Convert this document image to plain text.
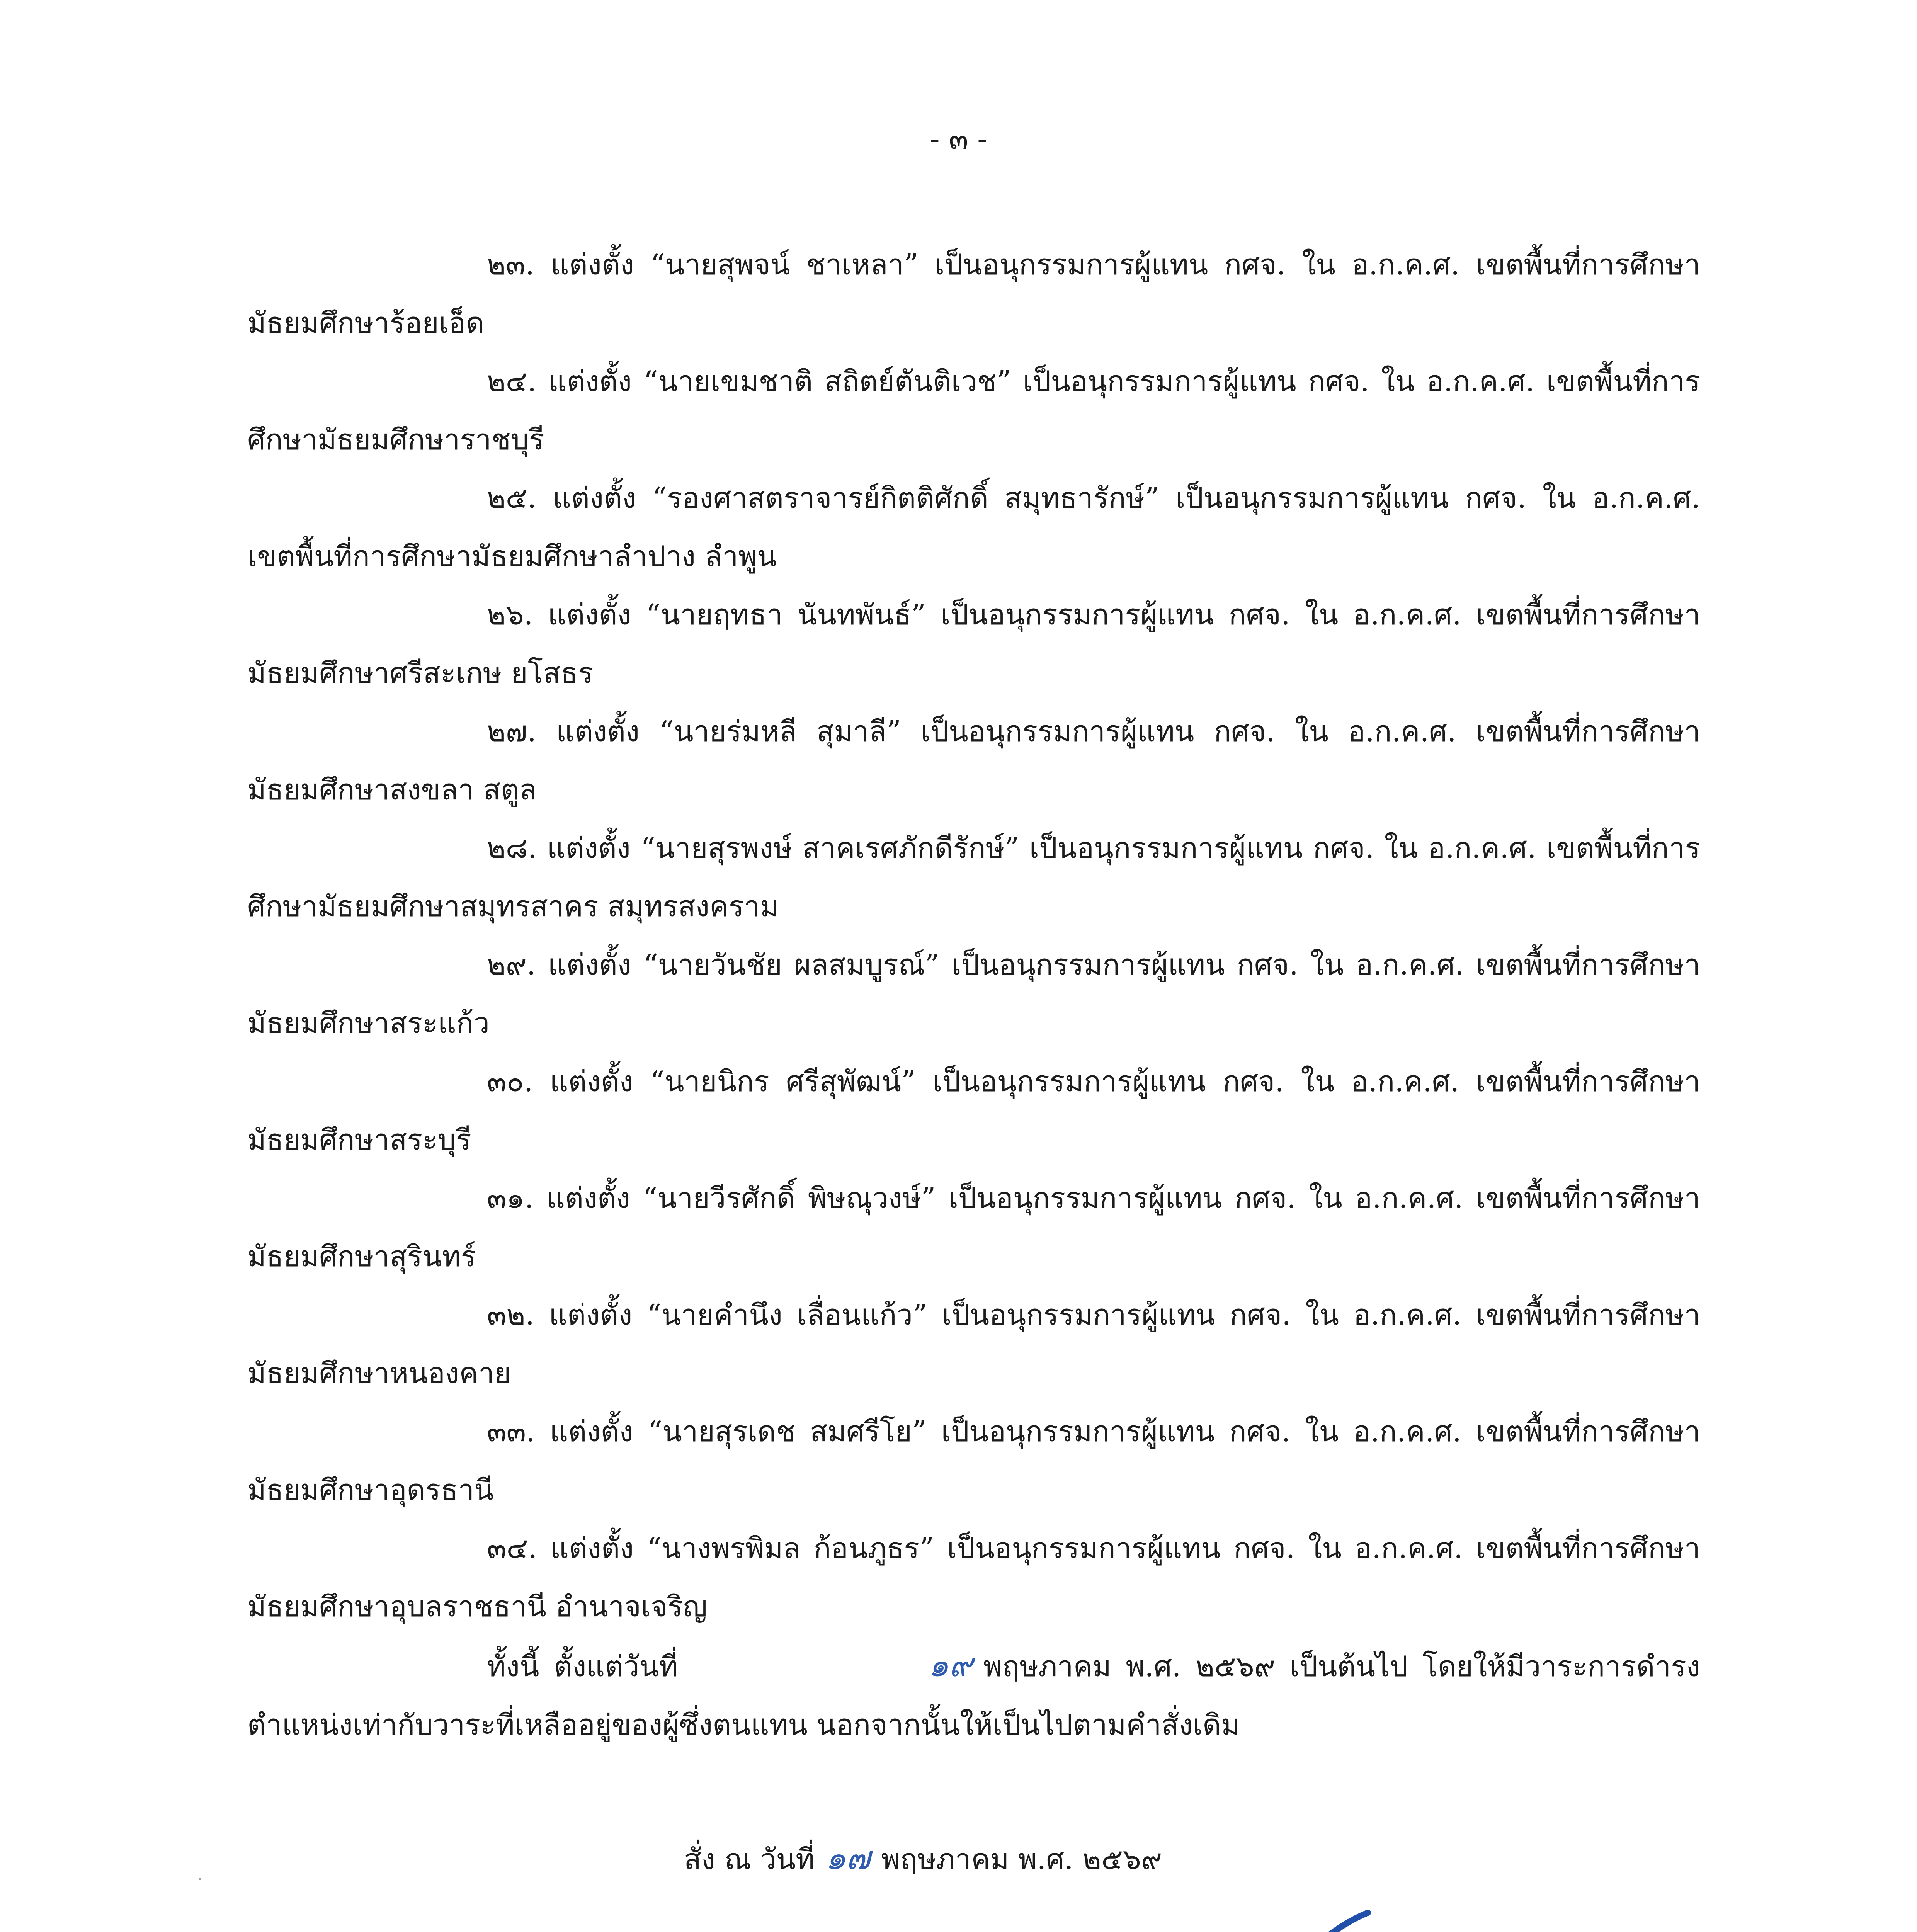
- ๓ -

๒๓. แต่งตั้ง “นายสุพจน์ ชาเหลา” เป็นอนุกรรมการผู้แทน กศจ. ใน อ.ก.ค.ศ. เขตพื้นที่การศึกษามัธยมศึกษาร้อยเอ็ด

๒๔. แต่งตั้ง “นายเขมชาติ สถิตย์ตันติเวช” เป็นอนุกรรมการผู้แทน กศจ. ใน อ.ก.ค.ศ. เขตพื้นที่การศึกษามัธยมศึกษาราชบุรี

๒๕. แต่งตั้ง “รองศาสตราจารย์กิตติศักดิ์ สมุทธารักษ์” เป็นอนุกรรมการผู้แทน กศจ. ใน อ.ก.ค.ศ. เขตพื้นที่การศึกษามัธยมศึกษาลำปาง ลำพูน

๒๖. แต่งตั้ง “นายฤทธา นันทพันธ์” เป็นอนุกรรมการผู้แทน กศจ. ใน อ.ก.ค.ศ. เขตพื้นที่การศึกษามัธยมศึกษาศรีสะเกษ ยโสธร

๒๗. แต่งตั้ง “นายร่มหลี สุมาลี” เป็นอนุกรรมการผู้แทน กศจ. ใน อ.ก.ค.ศ. เขตพื้นที่การศึกษามัธยมศึกษาสงขลา สตูล

๒๘. แต่งตั้ง “นายสุรพงษ์ สาคเรศภักดีรักษ์” เป็นอนุกรรมการผู้แทน กศจ. ใน อ.ก.ค.ศ. เขตพื้นที่การศึกษามัธยมศึกษาสมุทรสาคร สมุทรสงคราม

๒๙. แต่งตั้ง “นายวันชัย ผลสมบูรณ์” เป็นอนุกรรมการผู้แทน กศจ. ใน อ.ก.ค.ศ. เขตพื้นที่การศึกษามัธยมศึกษาสระแก้ว

๓๐. แต่งตั้ง “นายนิกร ศรีสุพัฒน์” เป็นอนุกรรมการผู้แทน กศจ. ใน อ.ก.ค.ศ. เขตพื้นที่การศึกษามัธยมศึกษาสระบุรี

๓๑. แต่งตั้ง “นายวีรศักดิ์ พิษณุวงษ์” เป็นอนุกรรมการผู้แทน กศจ. ใน อ.ก.ค.ศ. เขตพื้นที่การศึกษามัธยมศึกษาสุรินทร์

๓๒. แต่งตั้ง “นายคำนึง เลื่อนแก้ว” เป็นอนุกรรมการผู้แทน กศจ. ใน อ.ก.ค.ศ. เขตพื้นที่การศึกษามัธยมศึกษาหนองคาย

๓๓. แต่งตั้ง “นายสุรเดช สมศรีโย” เป็นอนุกรรมการผู้แทน กศจ. ใน อ.ก.ค.ศ. เขตพื้นที่การศึกษามัธยมศึกษาอุดรธานี

๓๔. แต่งตั้ง “นางพรพิมล ก้อนภูธร” เป็นอนุกรรมการผู้แทน กศจ. ใน อ.ก.ค.ศ. เขตพื้นที่การศึกษามัธยมศึกษาอุบลราชธานี อำนาจเจริญ

ทั้งนี้ ตั้งแต่วันที่	๑๙ พฤษภาคม พ.ศ. ๒๕๖๙ เป็นต้นไป โดยให้มีวาระการดำรงตำแหน่งเท่ากับวาระที่เหลืออยู่ของผู้ซึ่งตนแทน นอกจากนั้นให้เป็นไปตามคำสั่งเดิม

สั่ง ณ วันที่ ๑๗ พฤษภาคม พ.ศ. ๒๕๖๙
